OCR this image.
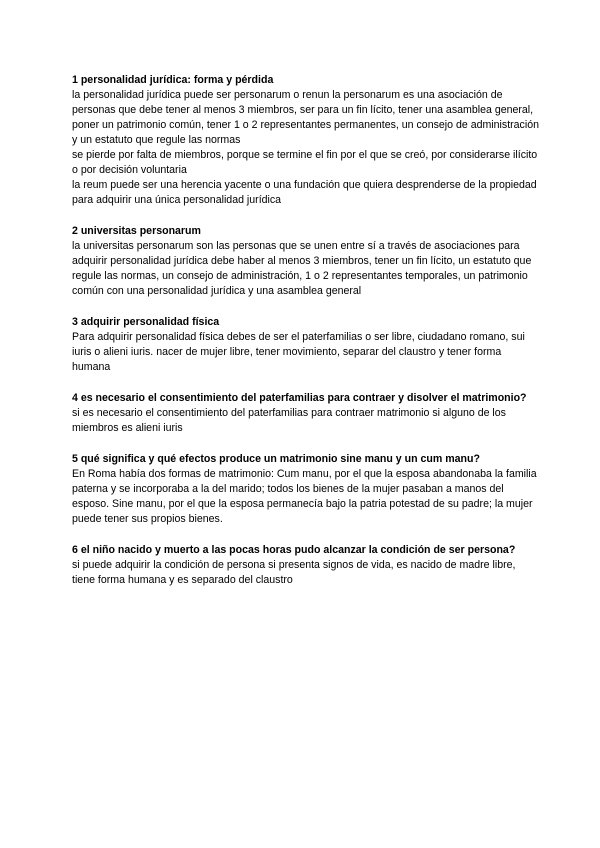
1 personalidad jurídica: forma y pérdida

la personalidad jurídica puede ser personarum o renun la personarum es una asociación de personas que debe tener al menos 3 miembros, ser para un fin lícito, tener una asamblea general, poner un patrimonio común, tener 1 o 2 representantes permanentes, un consejo de administración y un estatuto que regule las normas

se pierde por falta de miembros, porque se termine el fin por el que se creó, por considerarse ilícito o por decisión voluntaria

la reum puede ser una herencia yacente o una fundación que quiera desprenderse de la propiedad para adquirir una única personalidad jurídica

2 universitas personarum

la universitas personarum son las personas que se unen entre sí a través de asociaciones para adquirir personalidad jurídica debe haber al menos 3 miembros, tener un fin lícito, un estatuto que regule las normas, un consejo de administración, 1 o 2 representantes temporales, un patrimonio común con una personalidad jurídica y una asamblea general

3 adquirir personalidad física

Para adquirir personalidad física debes de ser el paterfamilias o ser libre, ciudadano romano, sui iuris o alieni iuris. nacer de mujer libre, tener movimiento, separar del claustro y tener forma humana

4 es necesario el consentimiento del paterfamilias para contraer y disolver el matrimonio?

si es necesario el consentimiento del paterfamilias para contraer matrimonio si alguno de los miembros es alieni iuris

5 qué significa y qué efectos produce un matrimonio sine manu y un cum manu?

En Roma había dos formas de matrimonio: Cum manu, por el que la esposa abandonaba la familia paterna y se incorporaba a la del marido; todos los bienes de la mujer pasaban a manos del esposo. Sine manu, por el que la esposa permanecía bajo la patria potestad de su padre; la mujer puede tener sus propios bienes.

6 el niño nacido y muerto a las pocas horas pudo alcanzar la condición de ser persona?

si puede adquirir la condición de persona si presenta signos de vida, es nacido de madre libre, tiene forma humana y es separado del claustro
